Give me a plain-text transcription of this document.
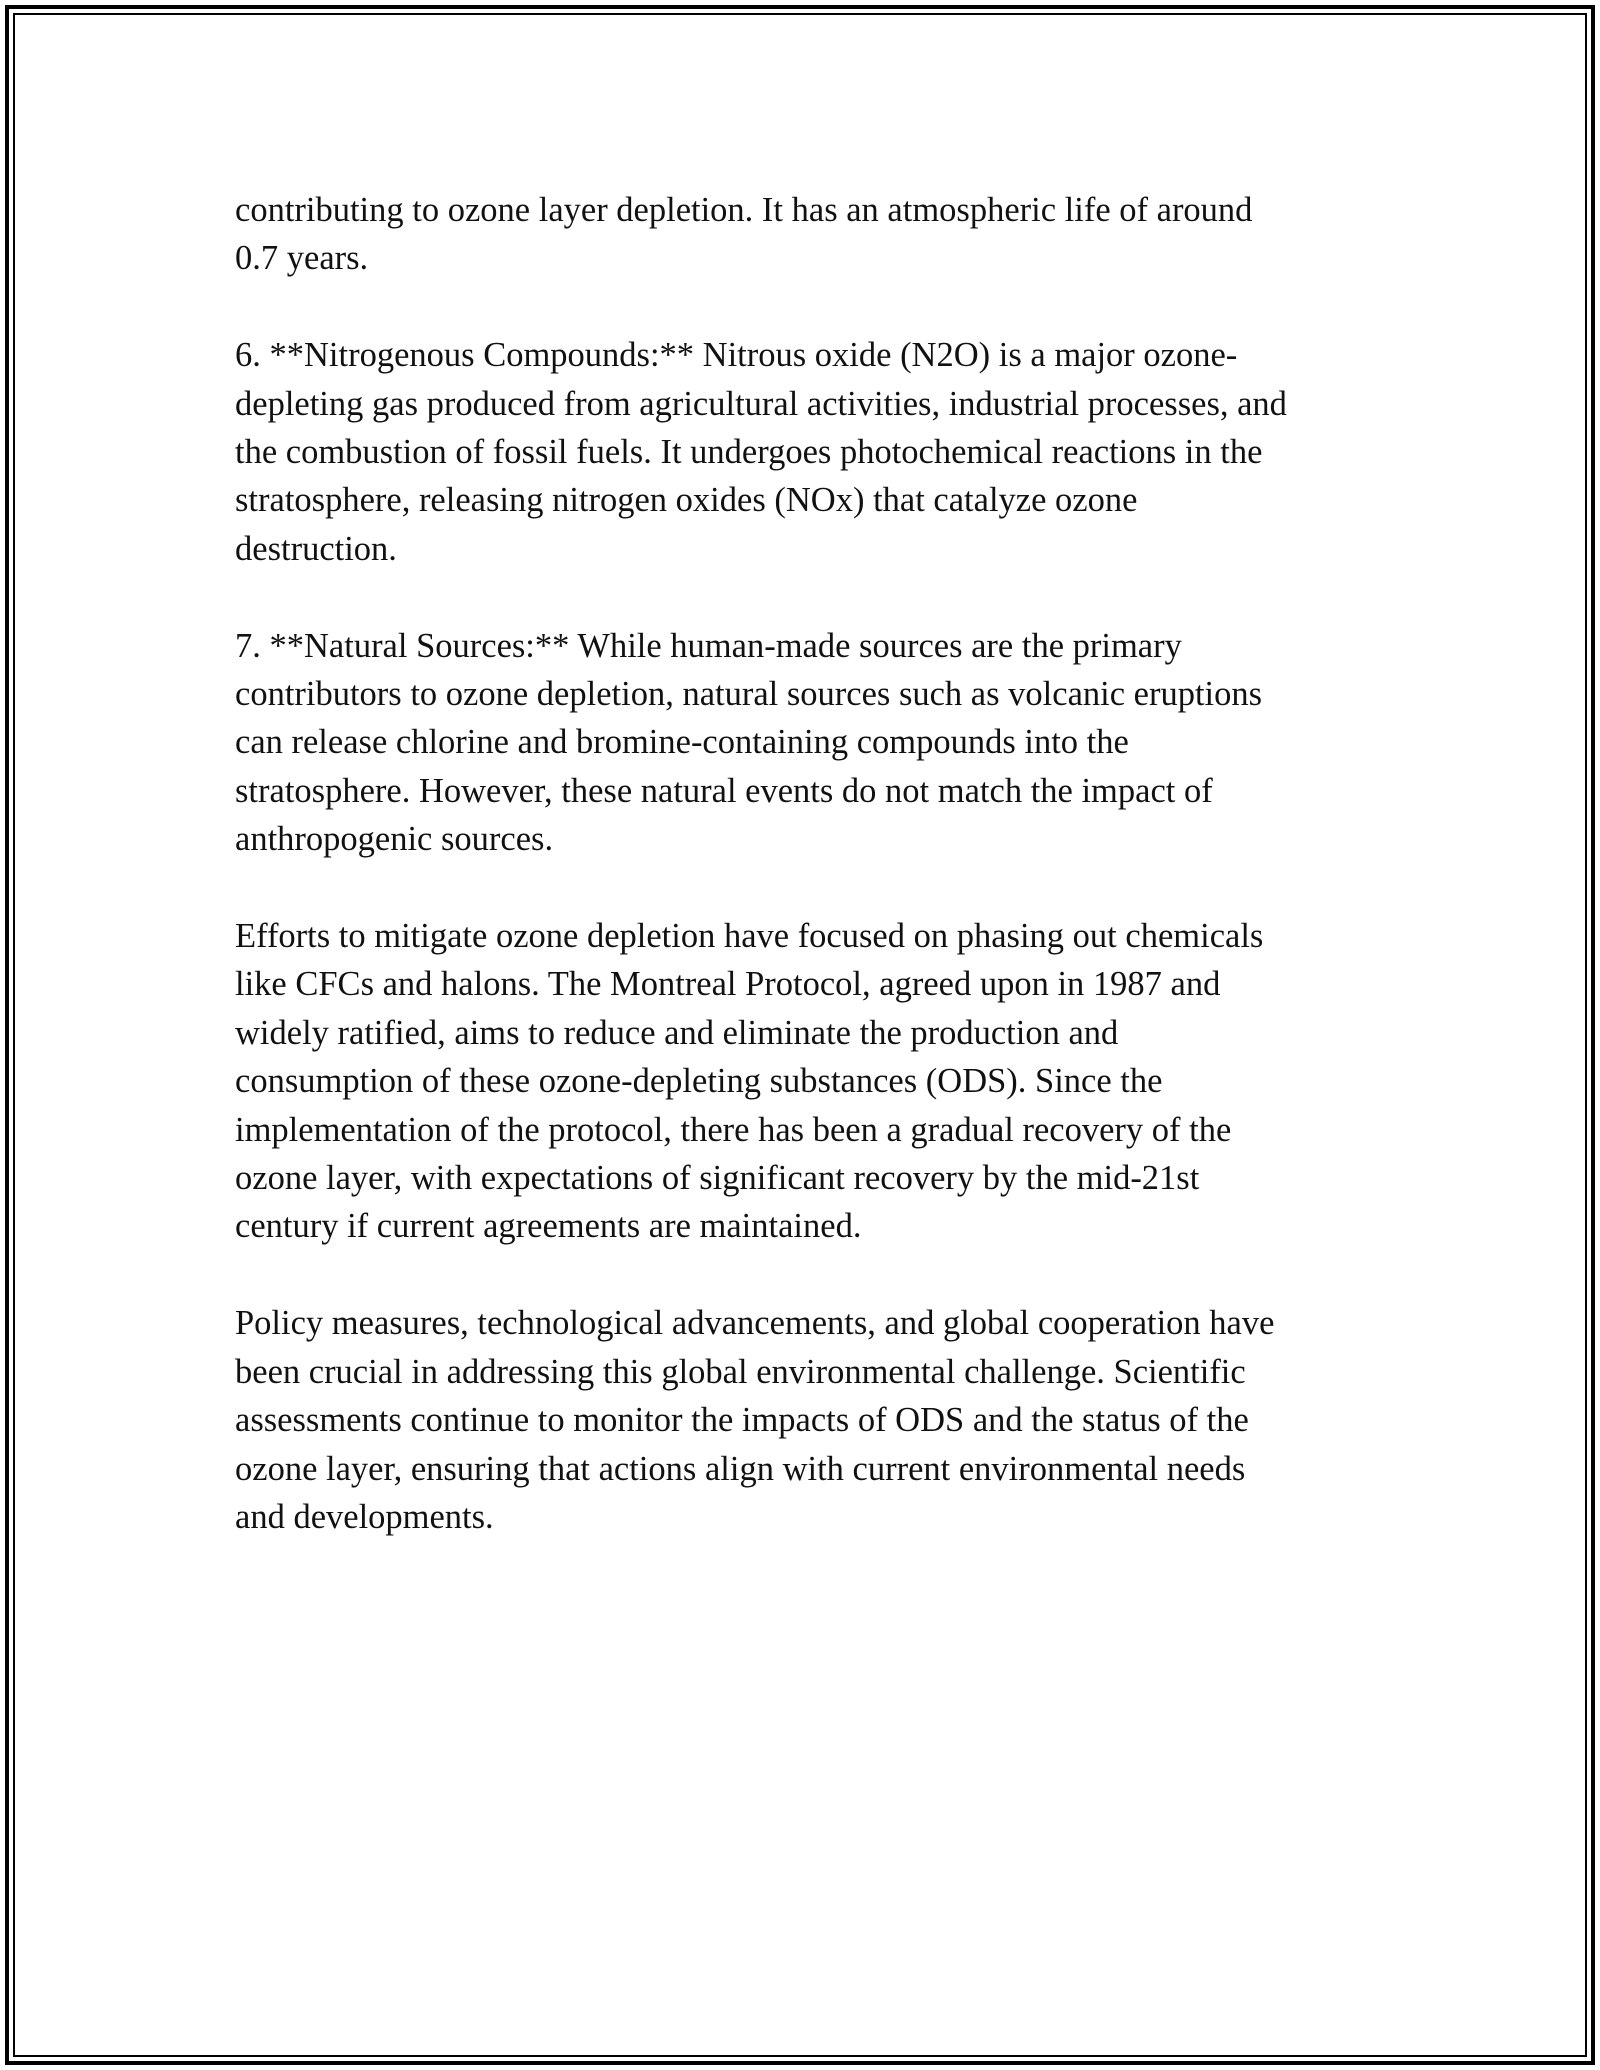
contributing to ozone layer depletion. It has an atmospheric life of around
0.7 years.

6. **Nitrogenous Compounds:** Nitrous oxide (N2O) is a major ozone-
depleting gas produced from agricultural activities, industrial processes, and
the combustion of fossil fuels. It undergoes photochemical reactions in the
stratosphere, releasing nitrogen oxides (NOx) that catalyze ozone
destruction.

7. **Natural Sources:** While human-made sources are the primary
contributors to ozone depletion, natural sources such as volcanic eruptions
can release chlorine and bromine-containing compounds into the
stratosphere. However, these natural events do not match the impact of
anthropogenic sources.

Efforts to mitigate ozone depletion have focused on phasing out chemicals
like CFCs and halons. The Montreal Protocol, agreed upon in 1987 and
widely ratified, aims to reduce and eliminate the production and
consumption of these ozone-depleting substances (ODS). Since the
implementation of the protocol, there has been a gradual recovery of the
ozone layer, with expectations of significant recovery by the mid-21st
century if current agreements are maintained.

Policy measures, technological advancements, and global cooperation have
been crucial in addressing this global environmental challenge. Scientific
assessments continue to monitor the impacts of ODS and the status of the
ozone layer, ensuring that actions align with current environmental needs
and developments.
